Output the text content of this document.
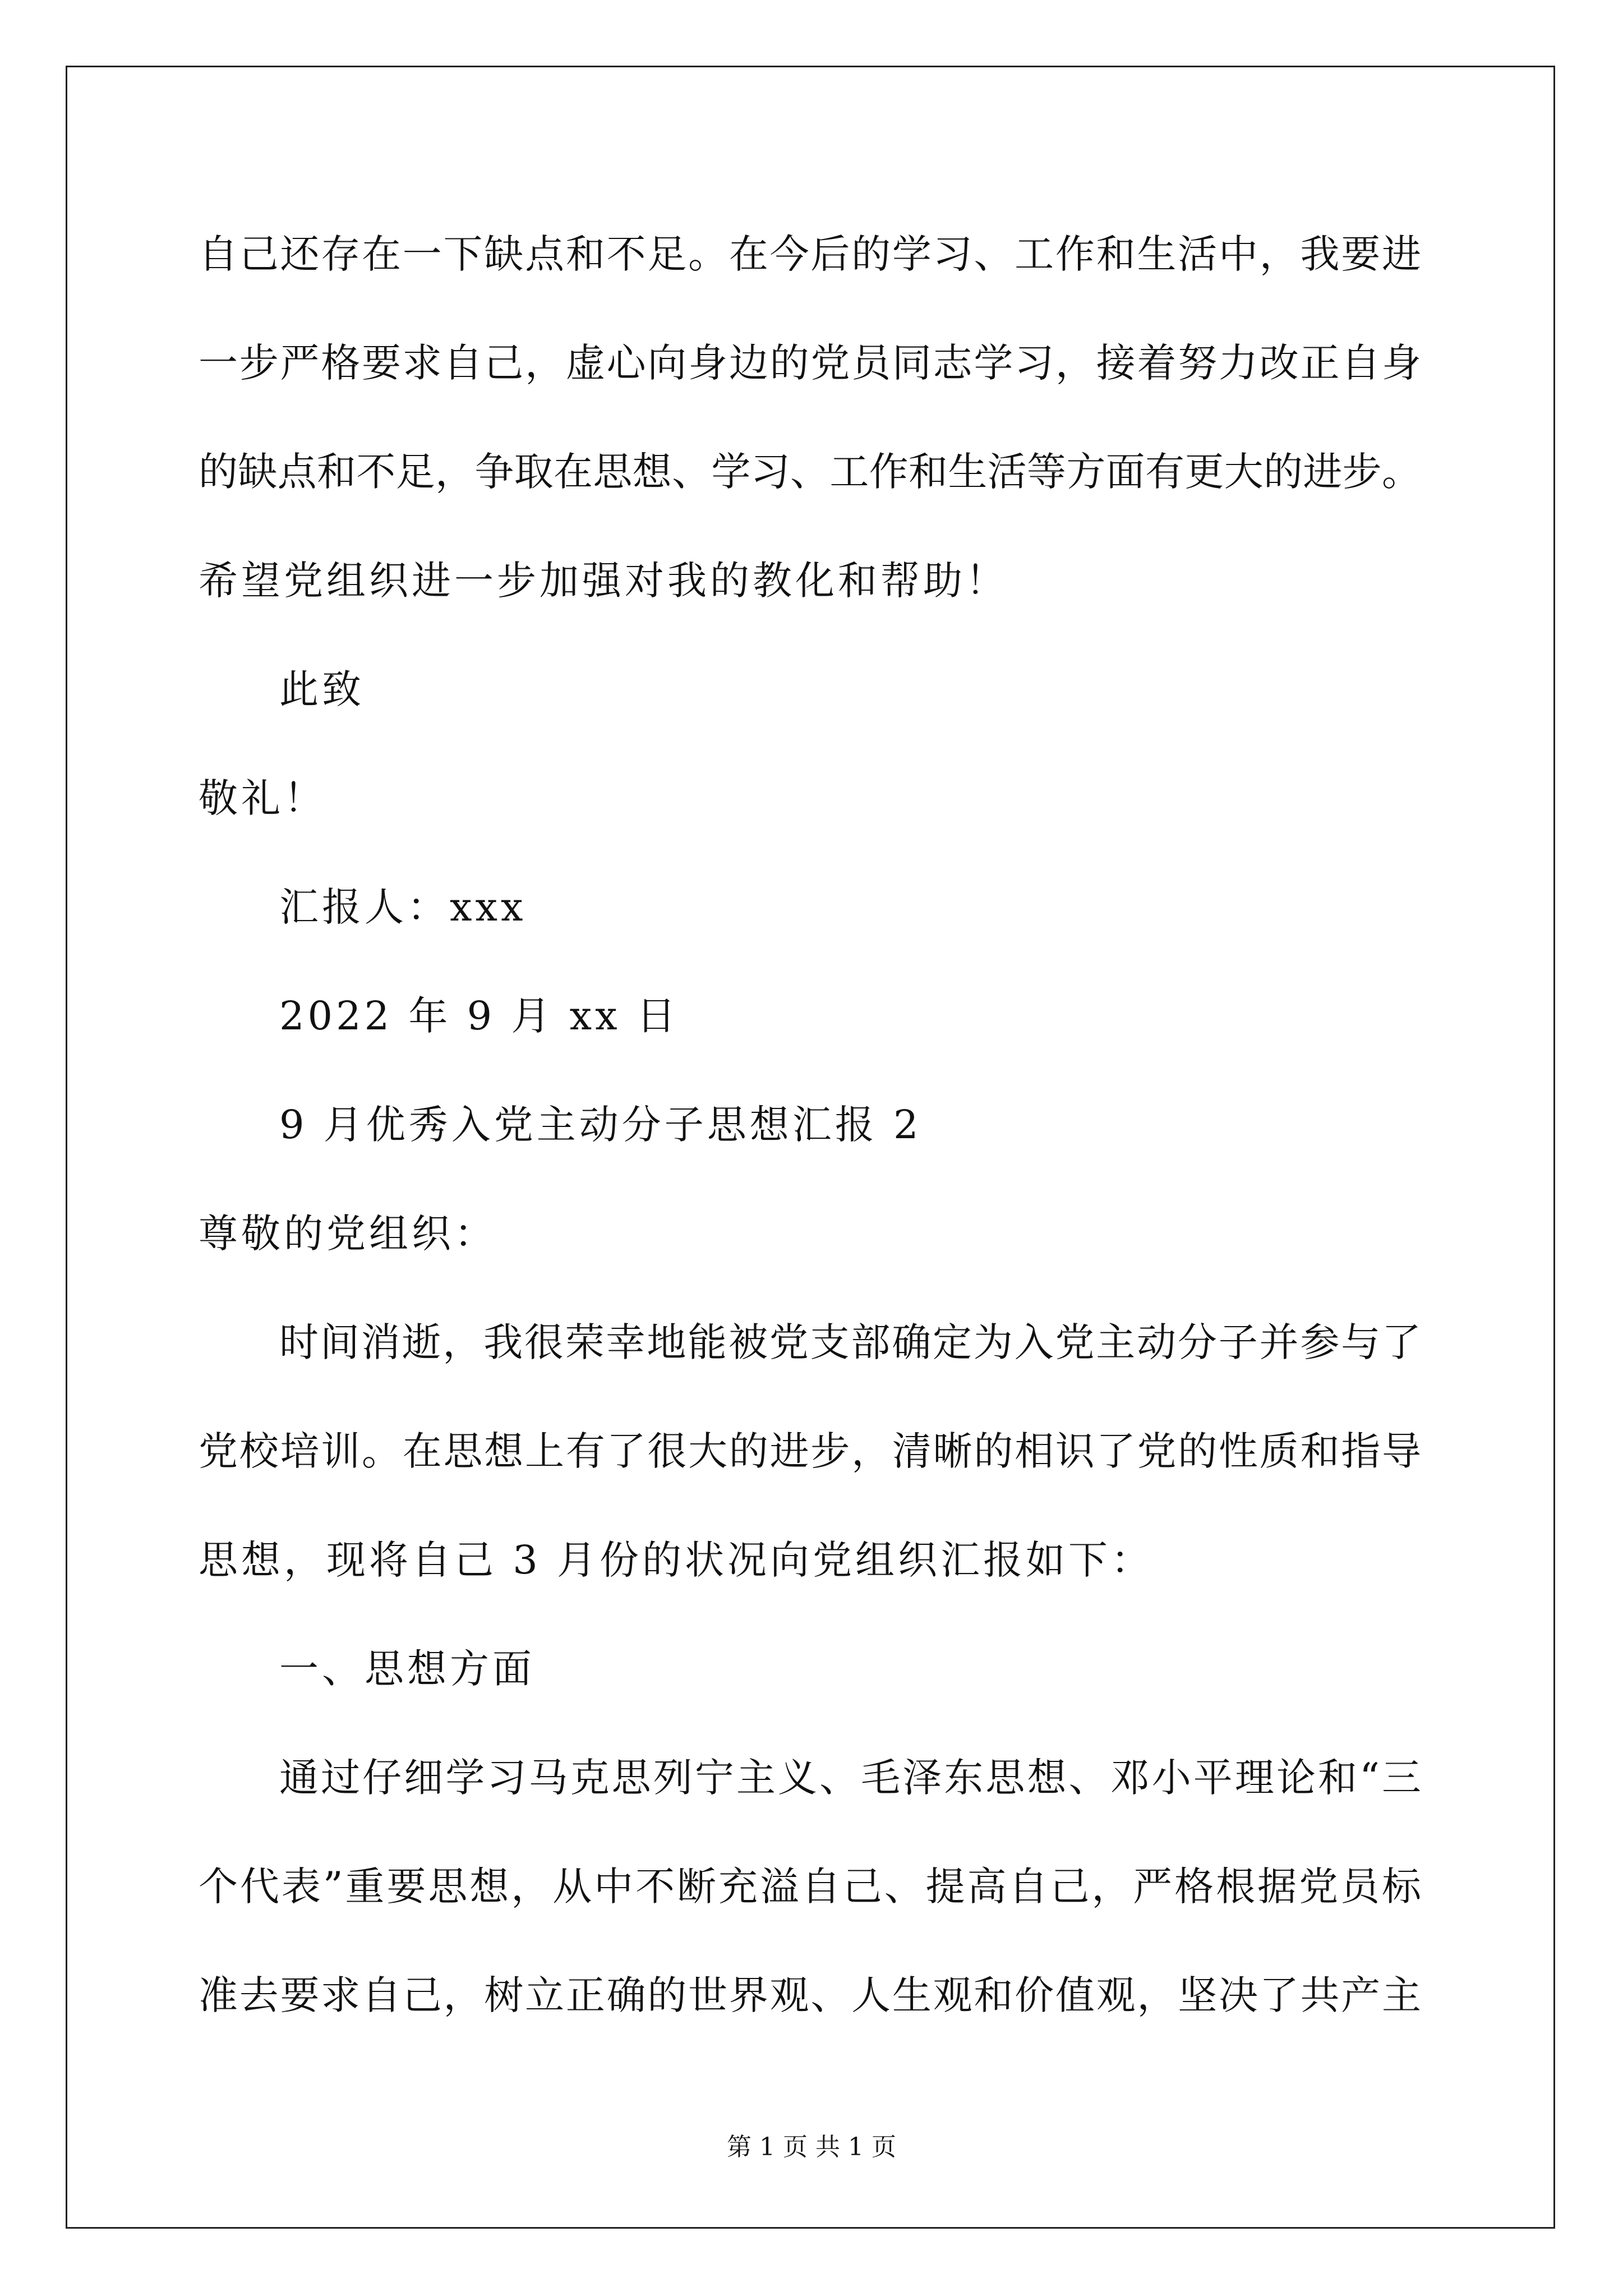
自己还存在一下缺点和不足。在今后的学习、工作和生活中，我要进
一步严格要求自己，虚心向身边的党员同志学习，接着努力改正自身
的缺点和不足，争取在思想、学习、工作和生活等方面有更大的进步。
希望党组织进一步加强对我的教化和帮助！
此致
敬礼！
汇报人：xxx
2022 年 9 月 xx 日
9 月优秀入党主动分子思想汇报 2
尊敬的党组织：
时间消逝，我很荣幸地能被党支部确定为入党主动分子并参与了
党校培训。在思想上有了很大的进步，清晰的相识了党的性质和指导
思想，现将自己 3 月份的状况向党组织汇报如下：
一、思想方面
通过仔细学习马克思列宁主义、毛泽东思想、邓小平理论和“三
个代表”重要思想，从中不断充溢自己、提高自己，严格根据党员标
准去要求自己，树立正确的世界观、人生观和价值观，坚决了共产主
第 1 页 共 1 页
